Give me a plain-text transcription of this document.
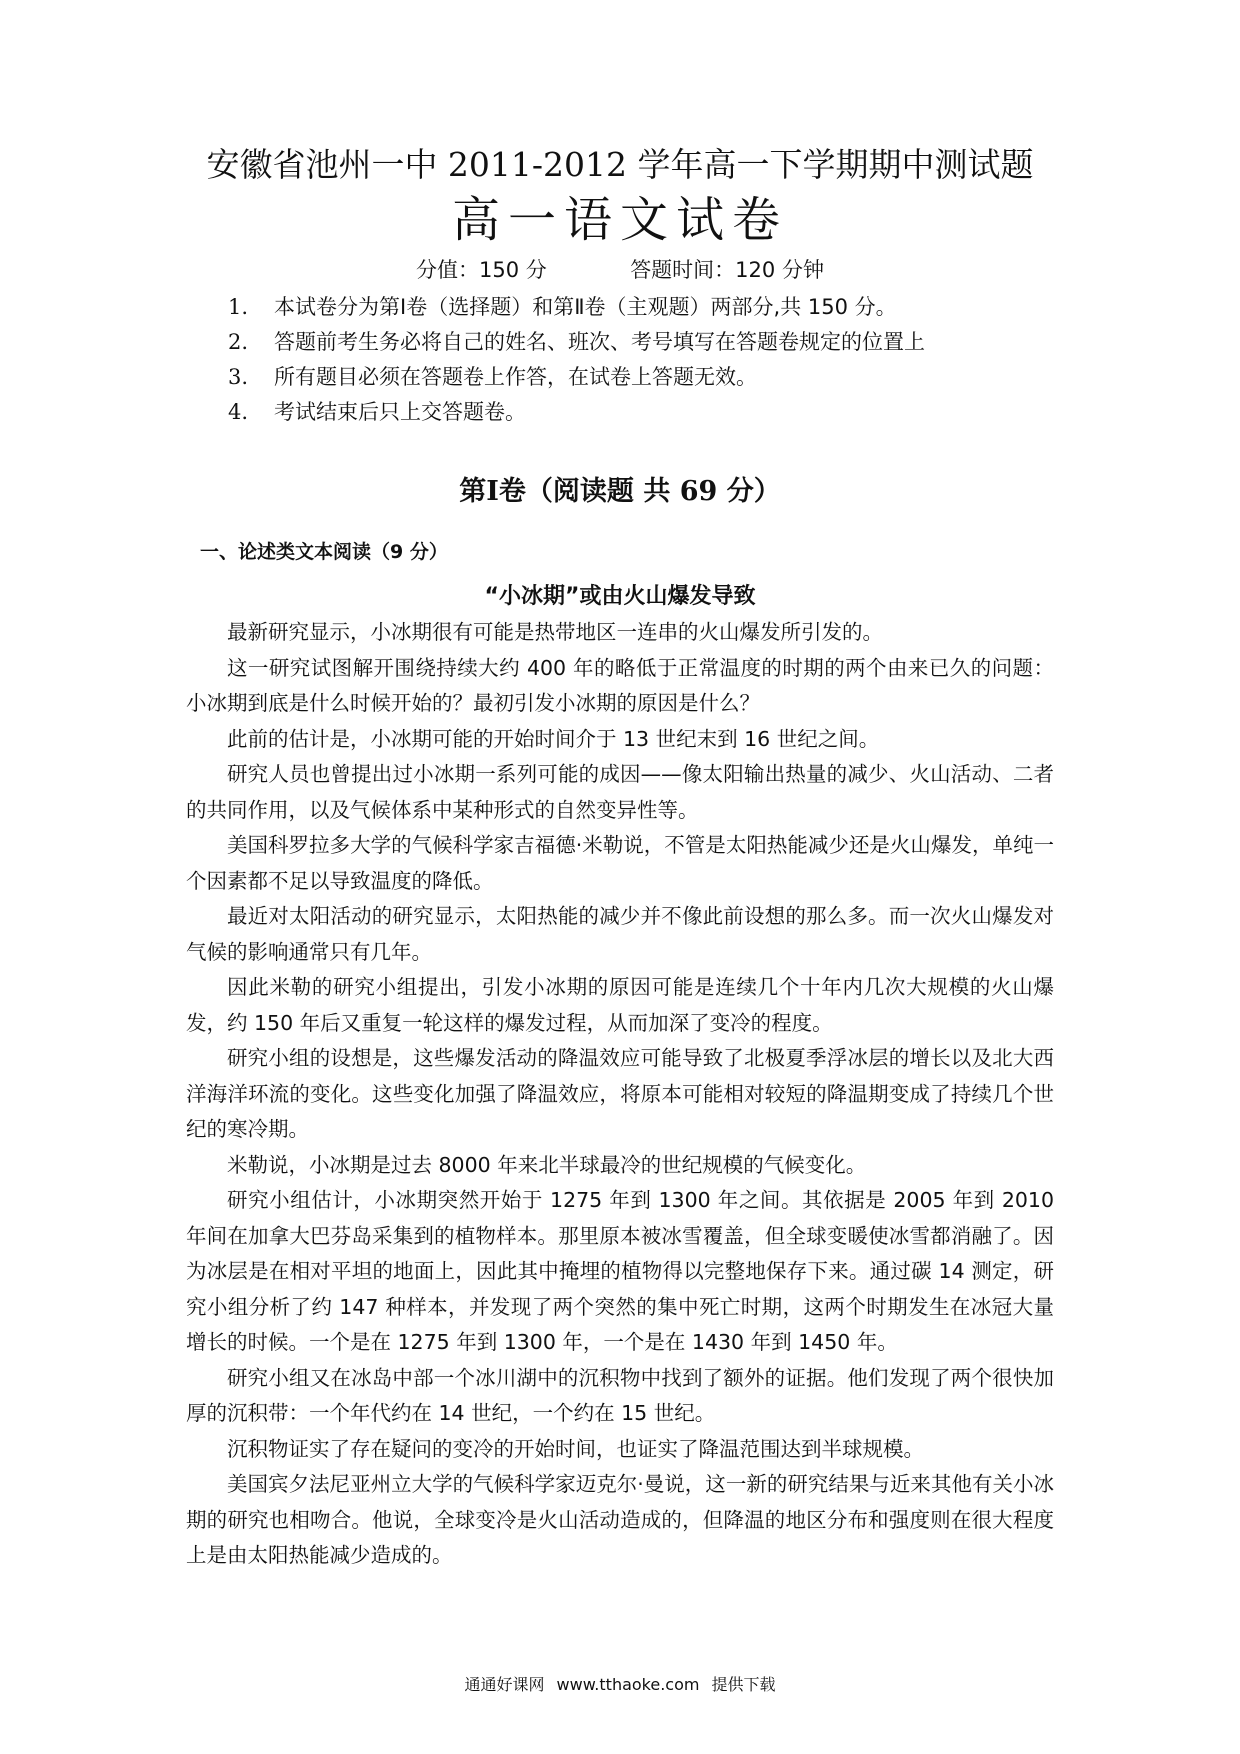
安徽省池州一中 2011-2012 学年高一下学期期中测试题
高一语文试卷
分值：150 分	答题时间：120 分钟
1. 本试卷分为第Ⅰ卷（选择题）和第Ⅱ卷（主观题）两部分,共 150 分。
2. 答题前考生务必将自己的姓名、班次、考号填写在答题卷规定的位置上
3. 所有题目必须在答题卷上作答，在试卷上答题无效。
4. 考试结束后只上交答题卷。
第Ⅰ卷（阅读题 共 69 分）
一、论述类文本阅读（9 分）
“小冰期”或由火山爆发导致

最新研究显示，小冰期很有可能是热带地区一连串的火山爆发所引发的。

这一研究试图解开围绕持续大约 400 年的略低于正常温度的时期的两个由来已久的问题：小冰期到底是什么时候开始的？最初引发小冰期的原因是什么？

此前的估计是，小冰期可能的开始时间介于 13 世纪末到 16 世纪之间。

研究人员也曾提出过小冰期一系列可能的成因——像太阳输出热量的减少、火山活动、二者的共同作用，以及气候体系中某种形式的自然变异性等。

美国科罗拉多大学的气候科学家吉福德·米勒说，不管是太阳热能减少还是火山爆发，单纯一个因素都不足以导致温度的降低。

最近对太阳活动的研究显示，太阳热能的减少并不像此前设想的那么多。而一次火山爆发对气候的影响通常只有几年。

因此米勒的研究小组提出，引发小冰期的原因可能是连续几个十年内几次大规模的火山爆发，约 150 年后又重复一轮这样的爆发过程，从而加深了变冷的程度。

研究小组的设想是，这些爆发活动的降温效应可能导致了北极夏季浮冰层的增长以及北大西洋海洋环流的变化。这些变化加强了降温效应，将原本可能相对较短的降温期变成了持续几个世纪的寒冷期。

米勒说，小冰期是过去 8000 年来北半球最冷的世纪规模的气候变化。

研究小组估计，小冰期突然开始于 1275 年到 1300 年之间。其依据是 2005 年到 2010 年间在加拿大巴芬岛采集到的植物样本。那里原本被冰雪覆盖，但全球变暖使冰雪都消融了。因为冰层是在相对平坦的地面上，因此其中掩埋的植物得以完整地保存下来。通过碳 14 测定，研究小组分析了约 147 种样本，并发现了两个突然的集中死亡时期，这两个时期发生在冰冠大量增长的时候。一个是在 1275 年到 1300 年，一个是在 1430 年到 1450 年。

研究小组又在冰岛中部一个冰川湖中的沉积物中找到了额外的证据。他们发现了两个很快加厚的沉积带：一个年代约在 14 世纪，一个约在 15 世纪。

沉积物证实了存在疑问的变冷的开始时间，也证实了降温范围达到半球规模。

美国宾夕法尼亚州立大学的气候科学家迈克尔·曼说，这一新的研究结果与近来其他有关小冰期的研究也相吻合。他说，全球变冷是火山活动造成的，但降温的地区分布和强度则在很大程度上是由太阳热能减少造成的。

通通好课网 www.tthaoke.com 提供下载
